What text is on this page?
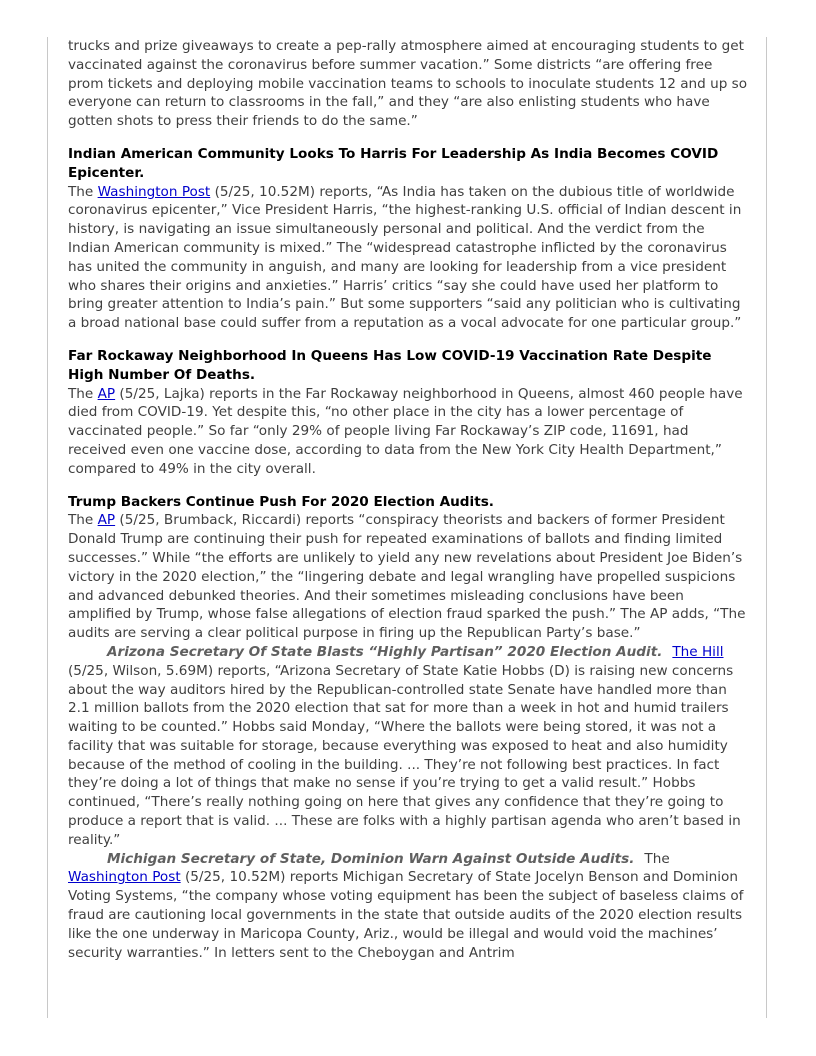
trucks and prize giveaways to create a pep-rally atmosphere aimed at encouraging students to get vaccinated against the coronavirus before summer vacation.” Some districts “are offering free prom tickets and deploying mobile vaccination teams to schools to inoculate students 12 and up so everyone can return to classrooms in the fall,” and they “are also enlisting students who have gotten shots to press their friends to do the same.”

Indian American Community Looks To Harris For Leadership As India Becomes COVID Epicenter.

The Washington Post (5/25, 10.52M) reports, “As India has taken on the dubious title of worldwide coronavirus epicenter,” Vice President Harris, “the highest-ranking U.S. official of Indian descent in history, is navigating an issue simultaneously personal and political. And the verdict from the Indian American community is mixed.” The “widespread catastrophe inflicted by the coronavirus has united the community in anguish, and many are looking for leadership from a vice president who shares their origins and anxieties.” Harris’ critics “say she could have used her platform to bring greater attention to India’s pain.” But some supporters “said any politician who is cultivating a broad national base could suffer from a reputation as a vocal advocate for one particular group.”

Far Rockaway Neighborhood In Queens Has Low COVID-19 Vaccination Rate Despite High Number Of Deaths.

The AP (5/25, Lajka) reports in the Far Rockaway neighborhood in Queens, almost 460 people have died from COVID-19. Yet despite this, “no other place in the city has a lower percentage of vaccinated people.” So far “only 29% of people living Far Rockaway’s ZIP code, 11691, had received even one vaccine dose, according to data from the New York City Health Department,” compared to 49% in the city overall.

Trump Backers Continue Push For 2020 Election Audits.

The AP (5/25, Brumback, Riccardi) reports “conspiracy theorists and backers of former President Donald Trump are continuing their push for repeated examinations of ballots and finding limited successes.” While “the efforts are unlikely to yield any new revelations about President Joe Biden’s victory in the 2020 election,” the “lingering debate and legal wrangling have propelled suspicions and advanced debunked theories. And their sometimes misleading conclusions have been amplified by Trump, whose false allegations of election fraud sparked the push.” The AP adds, “The audits are serving a clear political purpose in firing up the Republican Party’s base.”

Arizona Secretary Of State Blasts “Highly Partisan” 2020 Election Audit. The Hill (5/25, Wilson, 5.69M) reports, “Arizona Secretary of State Katie Hobbs (D) is raising new concerns about the way auditors hired by the Republican-controlled state Senate have handled more than 2.1 million ballots from the 2020 election that sat for more than a week in hot and humid trailers waiting to be counted.” Hobbs said Monday, “Where the ballots were being stored, it was not a facility that was suitable for storage, because everything was exposed to heat and also humidity because of the method of cooling in the building. ... They’re not following best practices. In fact they’re doing a lot of things that make no sense if you’re trying to get a valid result.” Hobbs continued, “There’s really nothing going on here that gives any confidence that they’re going to produce a report that is valid. ... These are folks with a highly partisan agenda who aren’t based in reality.”

Michigan Secretary of State, Dominion Warn Against Outside Audits. The Washington Post (5/25, 10.52M) reports Michigan Secretary of State Jocelyn Benson and Dominion Voting Systems, “the company whose voting equipment has been the subject of baseless claims of fraud are cautioning local governments in the state that outside audits of the 2020 election results like the one underway in Maricopa County, Ariz., would be illegal and would void the machines’ security warranties.” In letters sent to the Cheboygan and Antrim
